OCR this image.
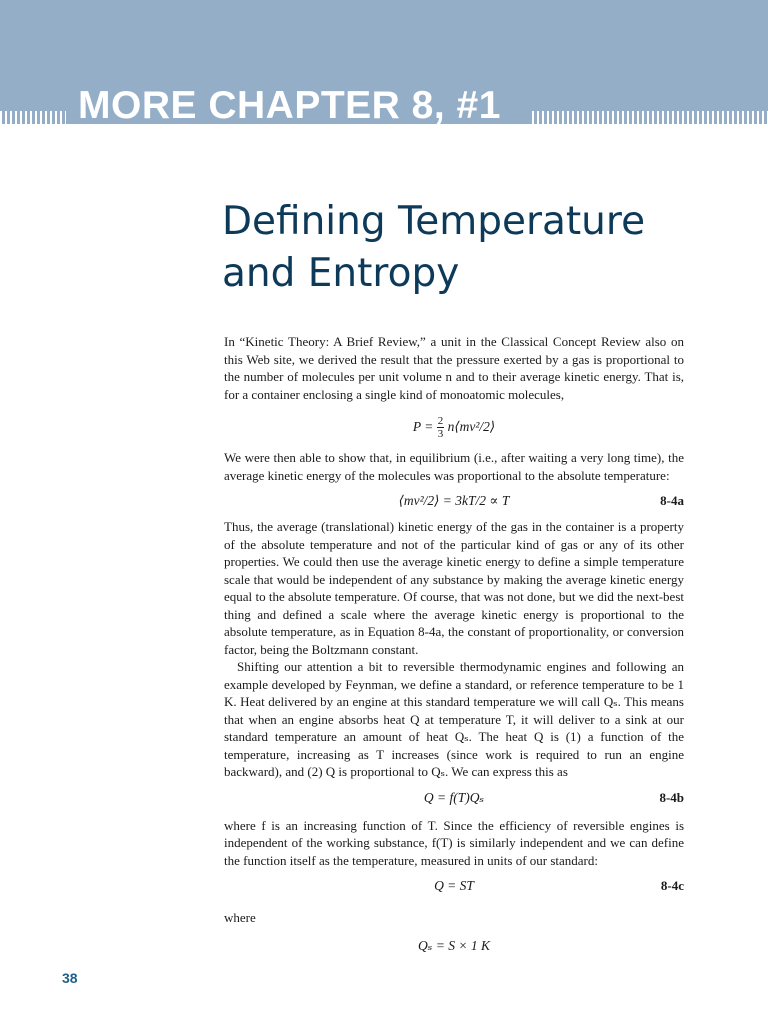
MORE CHAPTER 8, #1
Defining Temperature
and Entropy

In “Kinetic Theory: A Brief Review,” a unit in the Classical Concept Review also on this Web site, we derived the result that the pressure exerted by a gas is proportional to the number of molecules per unit volume n and to their average kinetic energy. That is, for a container enclosing a single kind of monoatomic molecules,

$P = \frac{2}{3}$ n⟨mv²/2⟩

We were then able to show that, in equilibrium (i.e., after waiting a very long time), the average kinetic energy of the molecules was proportional to the absolute temperature:

⟨mv²/2⟩ = 3kT/2 ∝ T	8-4a

Thus, the average (translational) kinetic energy of the gas in the container is a property of the absolute temperature and not of the particular kind of gas or any of its other properties. We could then use the average kinetic energy to define a simple temperature scale that would be independent of any substance by making the average kinetic energy equal to the absolute temperature. Of course, that was not done, but we did the next-best thing and defined a scale where the average kinetic energy is proportional to the absolute temperature, as in Equation 8-4a, the constant of proportionality, or conversion factor, being the Boltzmann constant.

Shifting our attention a bit to reversible thermodynamic engines and following an example developed by Feynman, we define a standard, or reference temperature to be 1 K. Heat delivered by an engine at this standard temperature we will call Qₛ. This means that when an engine absorbs heat Q at temperature T, it will deliver to a sink at our standard temperature an amount of heat Qₛ. The heat Q is (1) a function of the temperature, increasing as T increases (since work is required to run an engine backward), and (2) Q is proportional to Qₛ. We can express this as

Q = f(T)Qₛ	8-4b

where f is an increasing function of T. Since the efficiency of reversible engines is independent of the working substance, f(T) is similarly independent and we can define the function itself as the temperature, measured in units of our standard:

Q = ST	8-4c

where

Qₛ = S × 1 K
38
